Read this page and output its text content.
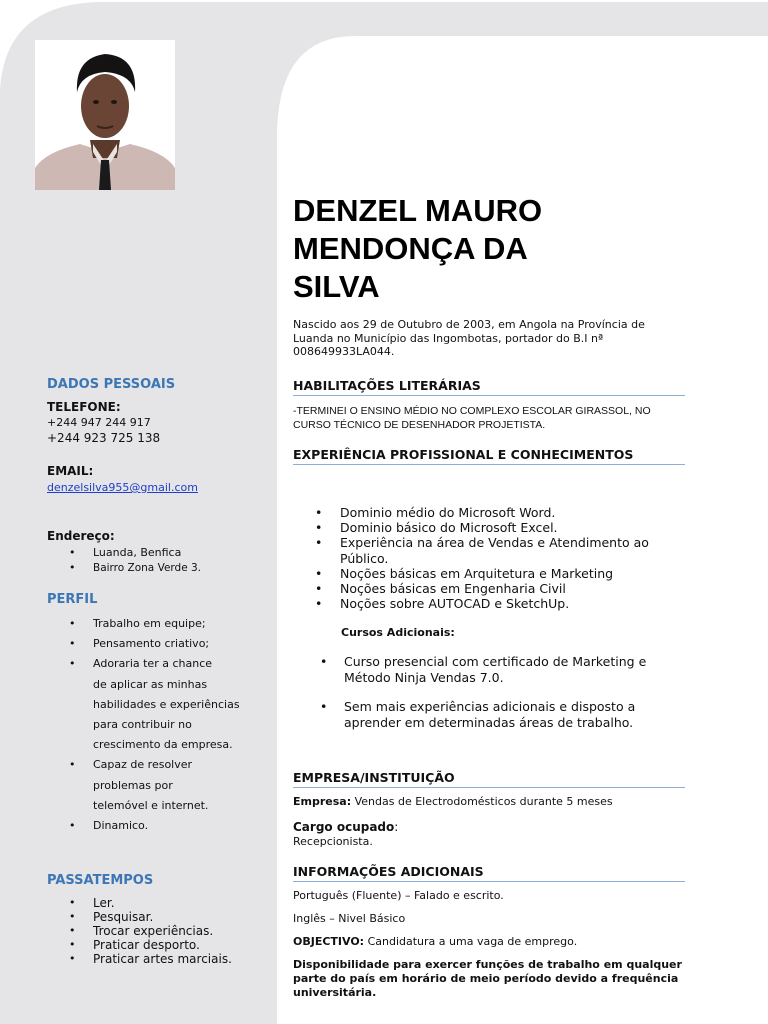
DADOS PESSOAIS
TELEFONE:
+244 947 244 917
+244 923 725 138
EMAIL:
denzelsilva955@gmail.com
Endereço:
• Luanda, Benfica
• Bairro Zona Verde 3.
PERFIL
• Trabalho em equipe;
• Pensamento criativo;
• Adoraria ter a chance
de aplicar as minhas
habilidades e experiências
para contribuir no
crescimento da empresa.
• Capaz de resolver
problemas por
telemóvel e internet.
• Dinamico.
PASSATEMPOS
• Ler.
• Pesquisar.
• Trocar experiências.
• Praticar desporto.
• Praticar artes marciais.
DENZEL MAURO
MENDONÇA DA
SILVA
Nascido aos 29 de Outubro de 2003, em Angola na Província de Luanda no Município das Ingombotas, portador do B.I nª 008649933LA044.
HABILITAÇÕES LITERÁRIAS
-TERMINEI O ENSINO MÉDIO NO COMPLEXO ESCOLAR GIRASSOL, NO CURSO TÉCNICO DE DESENHADOR PROJETISTA.
EXPERIÊNCIA PROFISSIONAL E CONHECIMENTOS
• Dominio médio do Microsoft Word.
• Dominio básico do Microsoft Excel.
• Experiência na área de Vendas e Atendimento ao
Público.
• Noções básicas em Arquitetura e Marketing
• Noções básicas em Engenharia Civil
• Noções sobre AUTOCAD e SketchUp.
Cursos Adicionais:
• Curso presencial com certificado de Marketing e Método Ninja Vendas 7.0.
• Sem mais experiências adicionais e disposto a aprender em determinadas áreas de trabalho.
EMPRESA/INSTITUIÇÃO
Empresa: Vendas de Electrodomésticos durante 5 meses
Cargo ocupado:
Recepcionista.
INFORMAÇÕES ADICIONAIS
Português (Fluente) – Falado e escrito.
Inglês – Nivel Básico
OBJECTIVO: Candidatura a uma vaga de emprego.
Disponibilidade para exercer funções de trabalho em qualquer parte do país em horário de meio período devido a frequência universitária.
